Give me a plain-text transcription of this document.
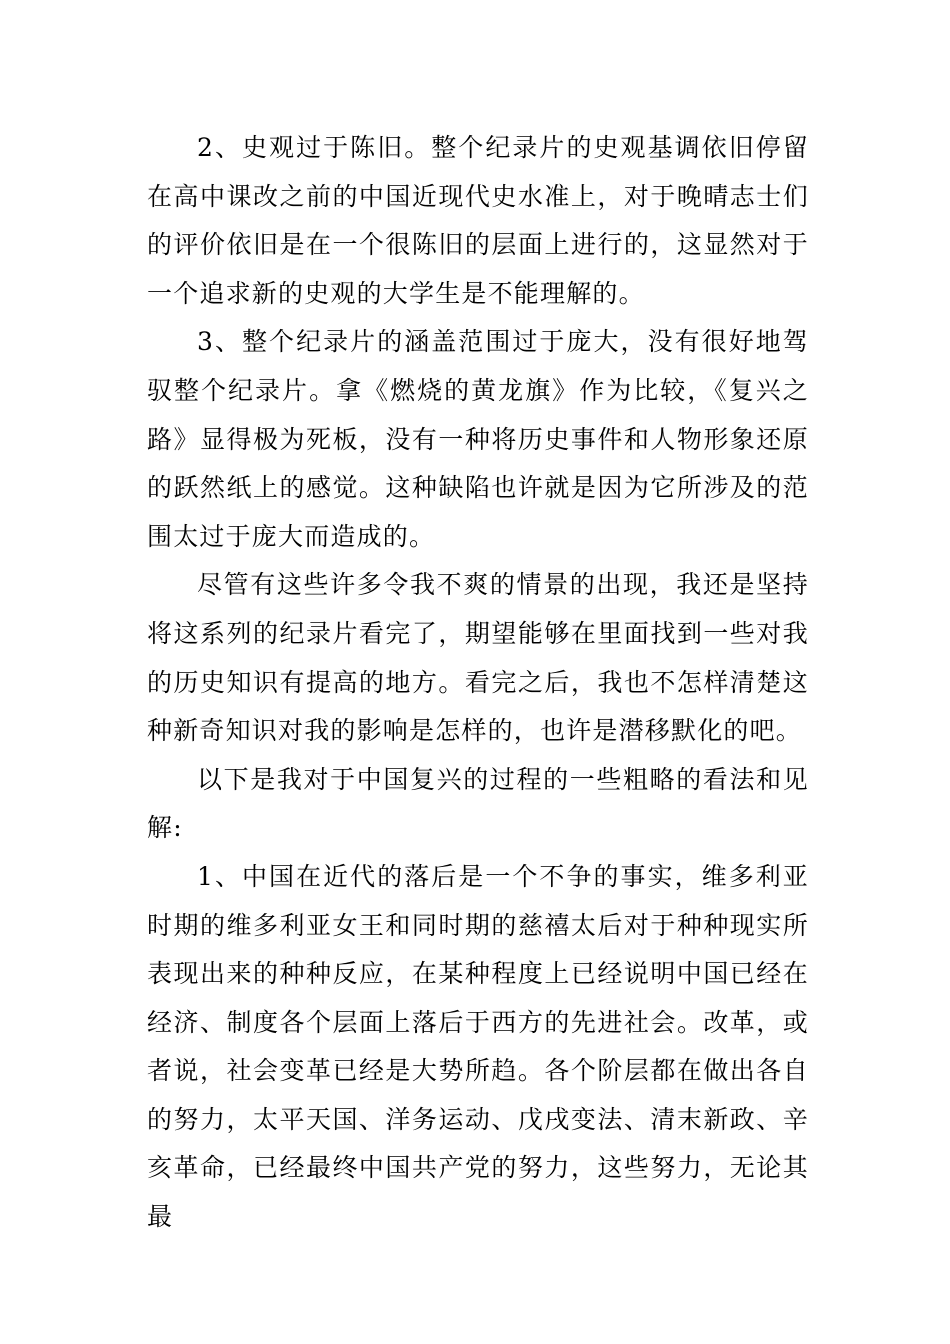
2、史观过于陈旧。整个纪录片的史观基调依旧停留在高中课改之前的中国近现代史水准上，对于晚晴志士们的评价依旧是在一个很陈旧的层面上进行的，这显然对于一个追求新的史观的大学生是不能理解的。

3、整个纪录片的涵盖范围过于庞大，没有很好地驾驭整个纪录片。拿《燃烧的黄龙旗》作为比较，《复兴之路》显得极为死板，没有一种将历史事件和人物形象还原的跃然纸上的感觉。这种缺陷也许就是因为它所涉及的范围太过于庞大而造成的。

尽管有这些许多令我不爽的情景的出现，我还是坚持将这系列的纪录片看完了，期望能够在里面找到一些对我的历史知识有提高的地方。看完之后，我也不怎样清楚这种新奇知识对我的影响是怎样的，也许是潜移默化的吧。

以下是我对于中国复兴的过程的一些粗略的看法和见解:

1、中国在近代的落后是一个不争的事实，维多利亚时期的维多利亚女王和同时期的慈禧太后对于种种现实所表现出来的种种反应，在某种程度上已经说明中国已经在经济、制度各个层面上落后于西方的先进社会。改革，或者说，社会变革已经是大势所趋。各个阶层都在做出各自的努力，太平天国、洋务运动、戊戌变法、清末新政、辛亥革命，已经最终中国共产党的努力，这些努力，无论其最
